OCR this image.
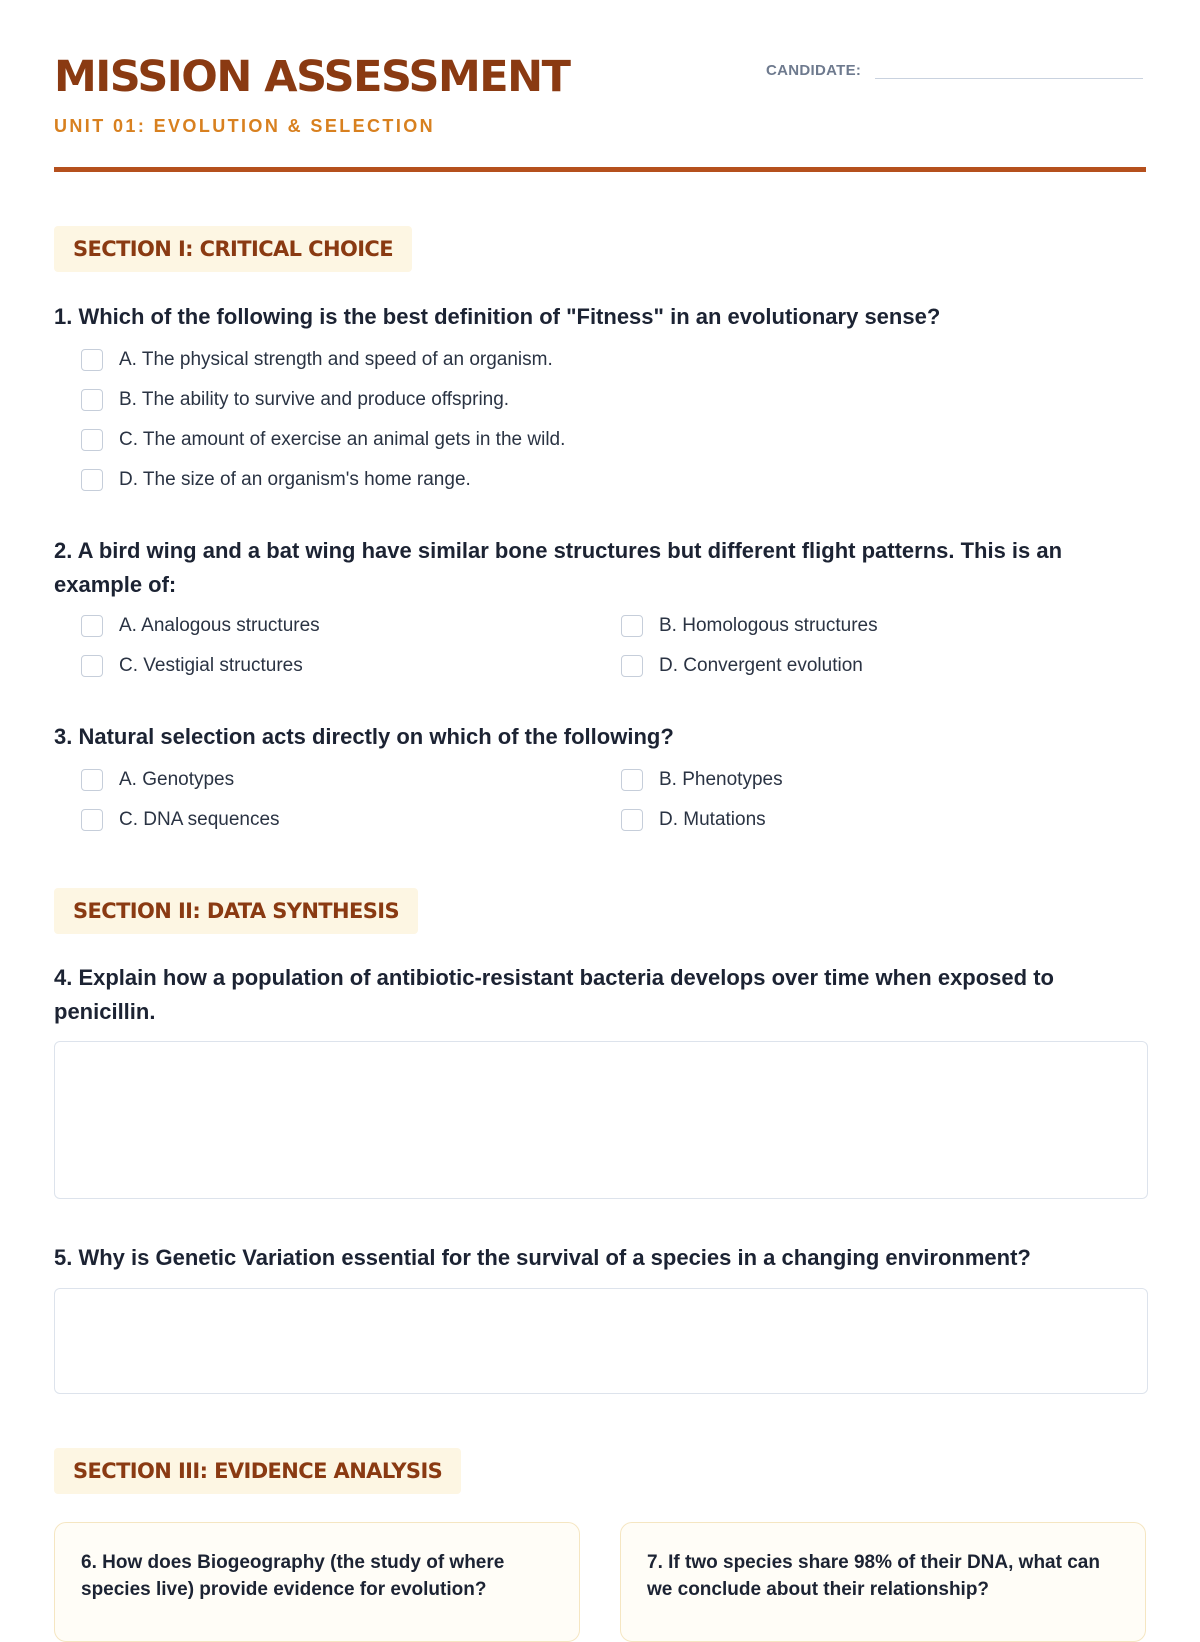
MISSION ASSESSMENT
UNIT 01: EVOLUTION & SELECTION
CANDIDATE:
SECTION I: CRITICAL CHOICE

1. Which of the following is the best definition of "Fitness" in an evolutionary sense?

A. The physical strength and speed of an organism.
B. The ability to survive and produce offspring.
C. The amount of exercise an animal gets in the wild.
D. The size of an organism's home range.

2. A bird wing and a bat wing have similar bone structures but different flight patterns. This is an example of:

A. Analogous structures	B. Homologous structures
C. Vestigial structures	D. Convergent evolution

3. Natural selection acts directly on which of the following?

A. Genotypes	B. Phenotypes
C. DNA sequences	D. Mutations
SECTION II: DATA SYNTHESIS

4. Explain how a population of antibiotic-resistant bacteria develops over time when exposed to penicillin.

5. Why is Genetic Variation essential for the survival of a species in a changing environment?

SECTION III: EVIDENCE ANALYSIS

6. How does Biogeography (the study of where species live) provide evidence for evolution?

7. If two species share 98% of their DNA, what can we conclude about their relationship?
